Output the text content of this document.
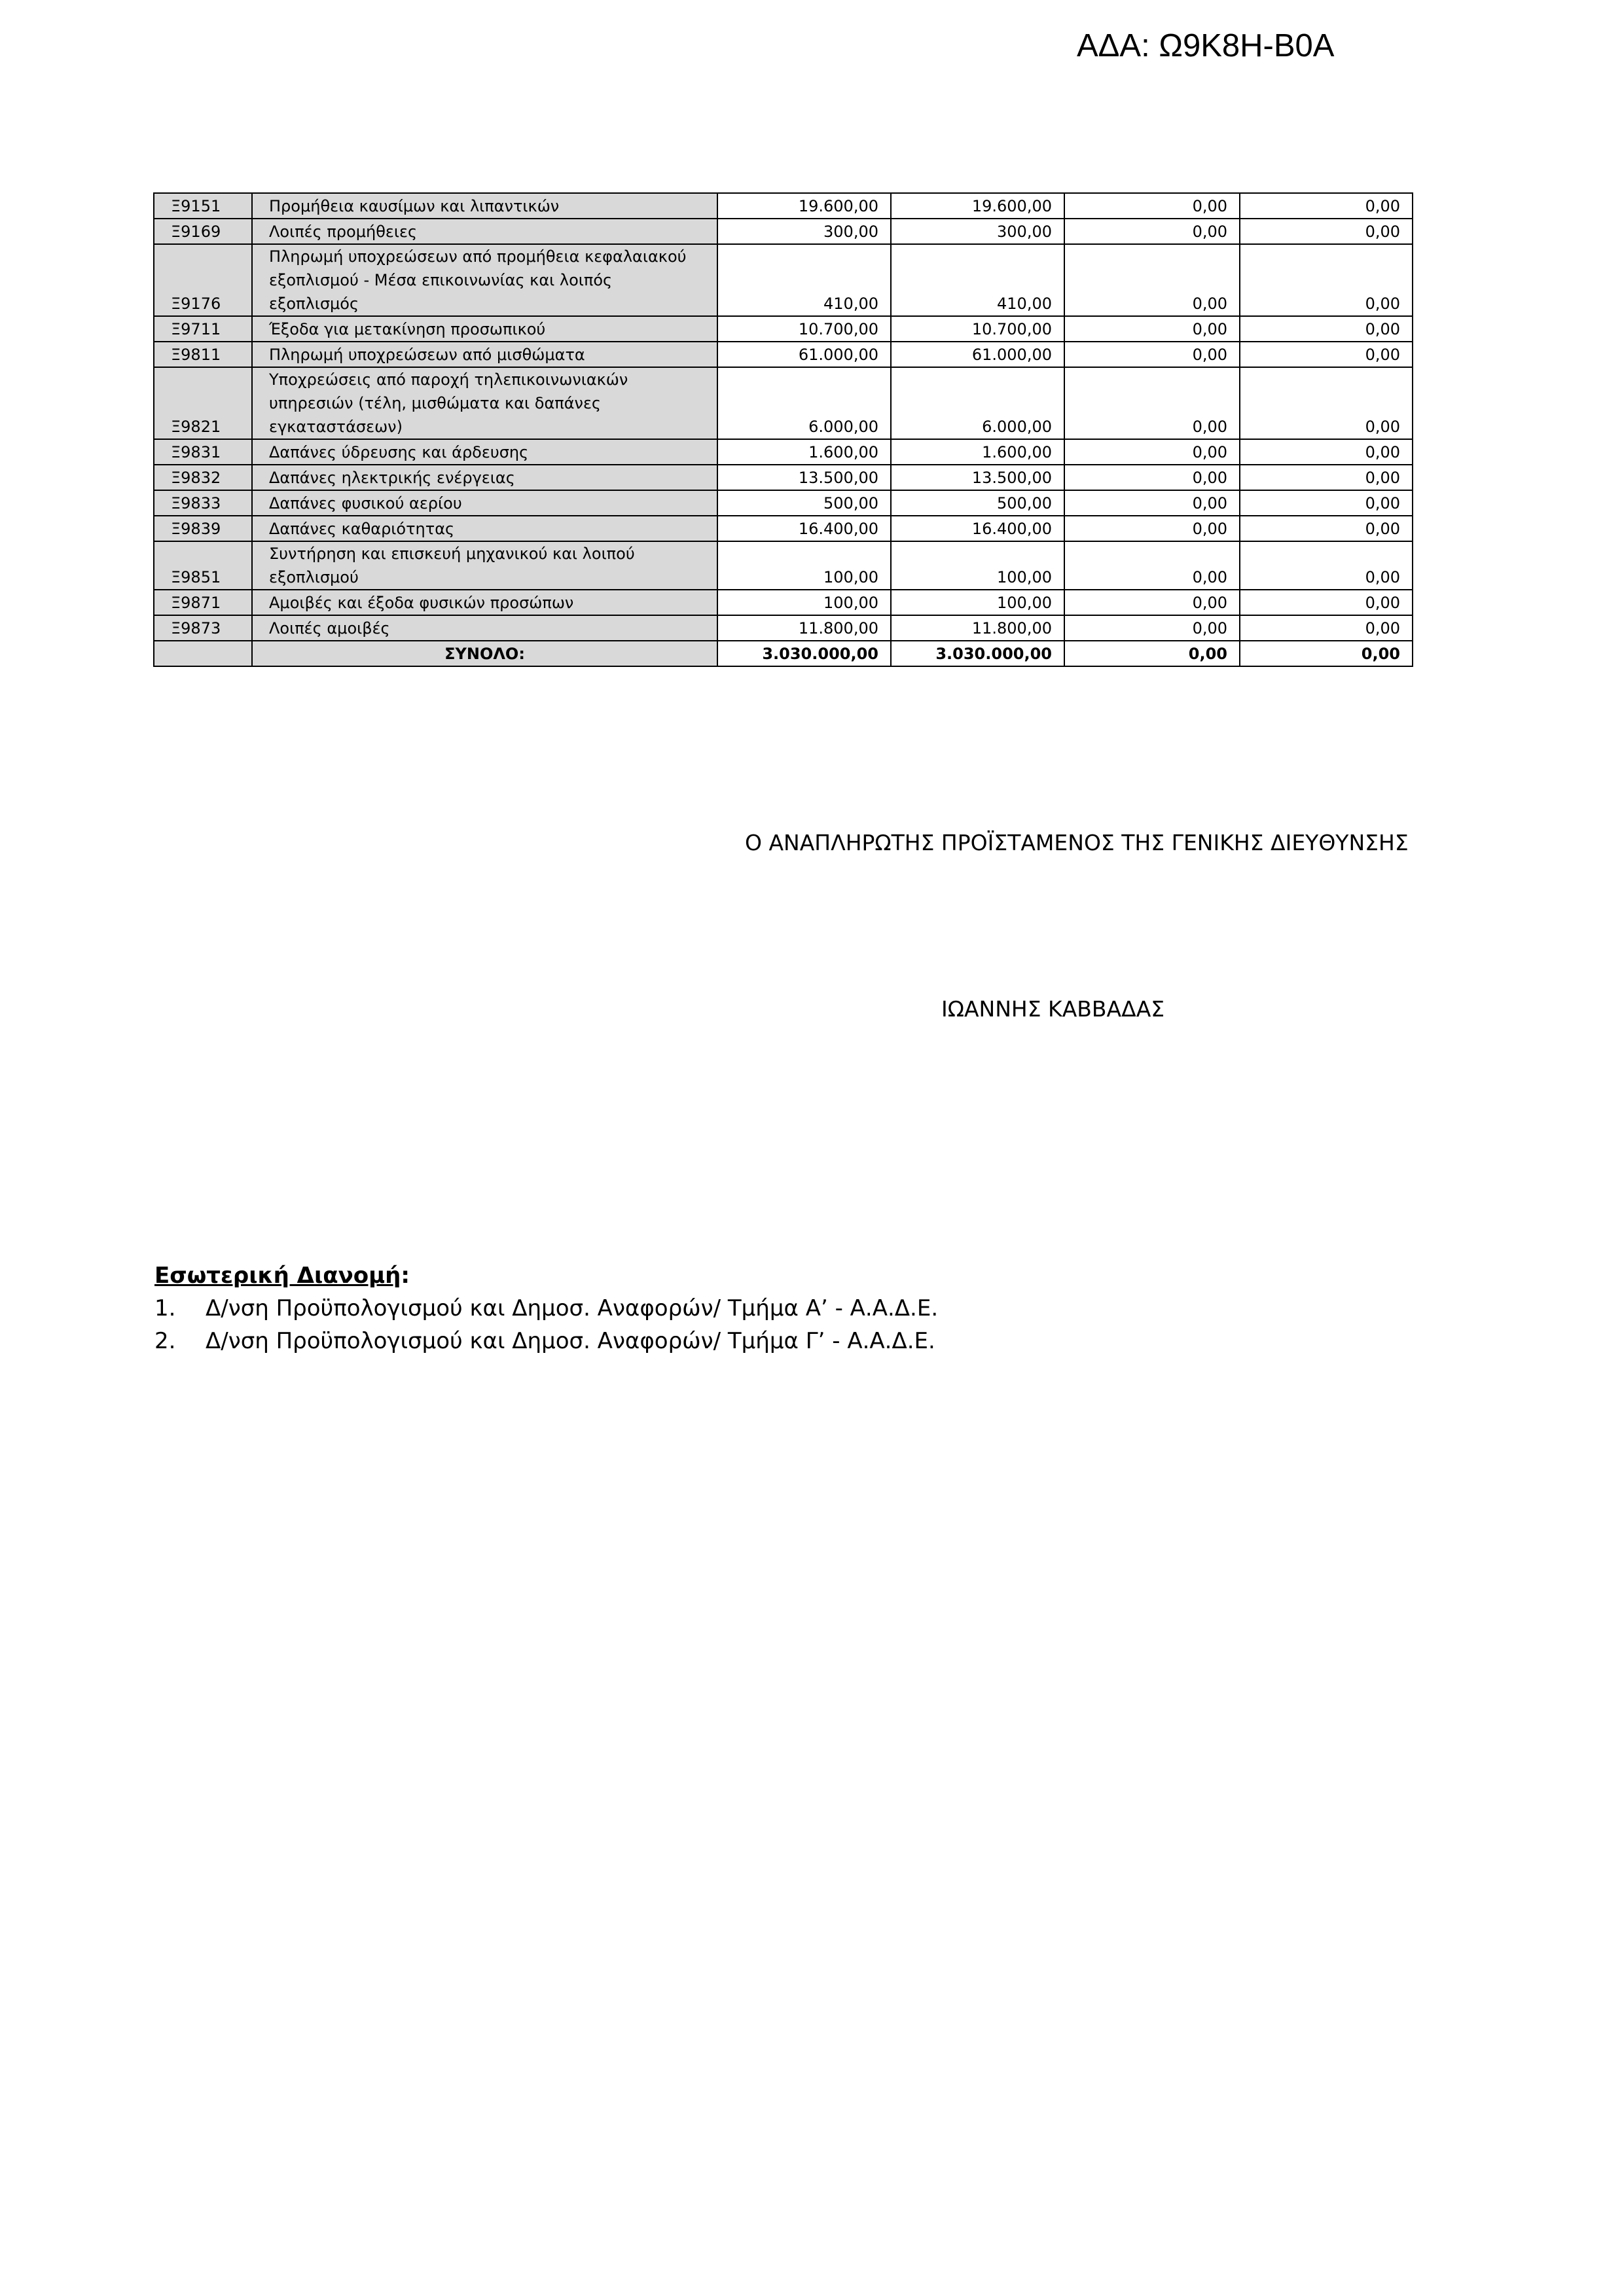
ΑΔΑ: Ω9Κ8Η-Β0Α
Ξ9151	Προμήθεια καυσίμων και λιπαντικών	19.600,00	19.600,00	0,00	0,00
Ξ9169	Λοιπές προμήθειες	300,00	300,00	0,00	0,00
Ξ9176	Πληρωμή υποχρεώσεων από προμήθεια κεφαλαιακού εξοπλισμού - Μέσα επικοινωνίας και λοιπός εξοπλισμός	410,00	410,00	0,00	0,00
Ξ9711	Έξοδα για μετακίνηση προσωπικού	10.700,00	10.700,00	0,00	0,00
Ξ9811	Πληρωμή υποχρεώσεων από μισθώματα	61.000,00	61.000,00	0,00	0,00
Ξ9821	Υποχρεώσεις από παροχή τηλεπικοινωνιακών υπηρεσιών (τέλη, μισθώματα και δαπάνες εγκαταστάσεων)	6.000,00	6.000,00	0,00	0,00
Ξ9831	Δαπάνες ύδρευσης και άρδευσης	1.600,00	1.600,00	0,00	0,00
Ξ9832	Δαπάνες ηλεκτρικής ενέργειας	13.500,00	13.500,00	0,00	0,00
Ξ9833	Δαπάνες φυσικού αερίου	500,00	500,00	0,00	0,00
Ξ9839	Δαπάνες καθαριότητας	16.400,00	16.400,00	0,00	0,00
Ξ9851	Συντήρηση και επισκευή μηχανικού και λοιπού εξοπλισμού	100,00	100,00	0,00	0,00
Ξ9871	Αμοιβές και έξοδα φυσικών προσώπων	100,00	100,00	0,00	0,00
Ξ9873	Λοιπές αμοιβές	11.800,00	11.800,00	0,00	0,00
	ΣΥΝΟΛΟ:	3.030.000,00	3.030.000,00	0,00	0,00
Ο ΑΝΑΠΛΗΡΩΤΗΣ ΠΡΟΪΣΤΑΜΕΝΟΣ ΤΗΣ ΓΕΝΙΚΗΣ ΔΙΕΥΘΥΝΣΗΣ
ΙΩΑΝΝΗΣ ΚΑΒΒΑΔΑΣ
Εσωτερική Διανομή:
1.	Δ/νση Προϋπολογισμού και Δημοσ. Αναφορών/ Τμήμα Α’ - Α.Α.Δ.Ε.
2.	Δ/νση Προϋπολογισμού και Δημοσ. Αναφορών/ Τμήμα Γ’ - Α.Α.Δ.Ε.
